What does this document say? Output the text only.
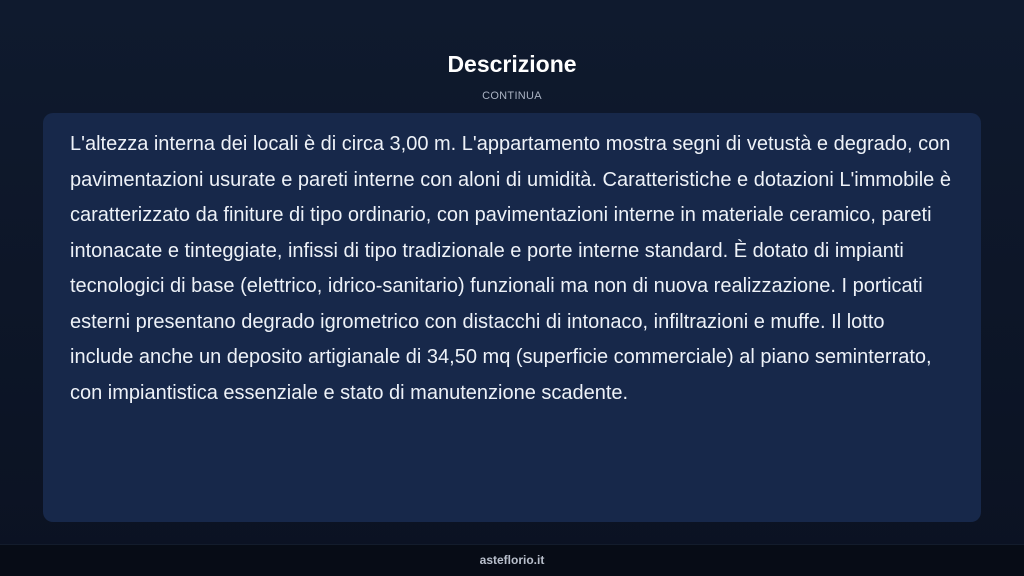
Descrizione
CONTINUA

L'altezza interna dei locali è di circa 3,00 m. L'appartamento mostra segni di vetustà e degrado, con pavimentazioni usurate e pareti interne con aloni di umidità. Caratteristiche e dotazioni L'immobile è caratterizzato da finiture di tipo ordinario, con pavimentazioni interne in materiale ceramico, pareti intonacate e tinteggiate, infissi di tipo tradizionale e porte interne standard. È dotato di impianti tecnologici di base (elettrico, idrico-sanitario) funzionali ma non di nuova realizzazione. I porticati esterni presentano degrado igrometrico con distacchi di intonaco, infiltrazioni e muffe. Il lotto include anche un deposito artigianale di 34,50 mq (superficie commerciale) al piano seminterrato, con impiantistica essenziale e stato di manutenzione scadente.

asteflorio.it
